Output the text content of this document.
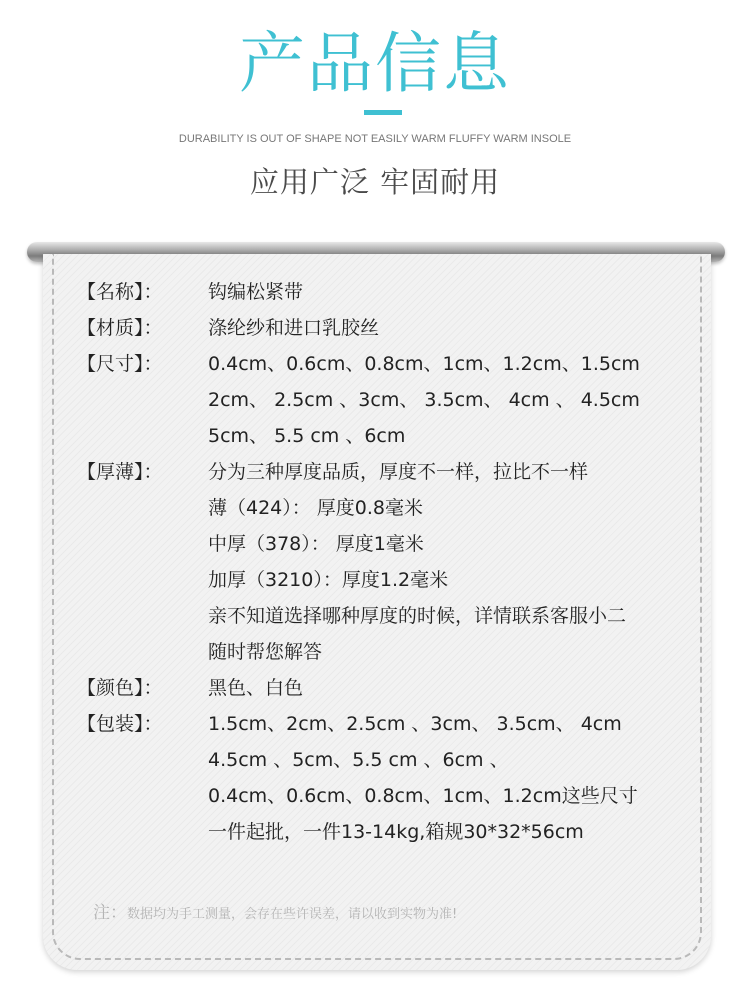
产品信息
DURABILITY IS OUT OF SHAPE NOT EASILY WARM FLUFFY WARM INSOLE
应用广泛 牢固耐用
【名称】： 钩编松紧带
【材质】： 涤纶纱和进口乳胶丝
【尺寸】： 0.4cm、0.6cm、0.8cm、1cm、1.2cm、1.5cm
2cm、 2.5cm 、3cm、 3.5cm、 4cm 、 4.5cm
5cm、 5.5 cm 、6cm
【厚薄】： 分为三种厚度品质，厚度不一样，拉比不一样
薄（424）： 厚度0.8毫米
中厚（378）： 厚度1毫米
加厚（3210）：厚度1.2毫米
亲不知道选择哪种厚度的时候，详情联系客服小二
随时帮您解答
【颜色】： 黑色、白色
【包装】： 1.5cm、2cm、2.5cm 、3cm、 3.5cm、 4cm
4.5cm 、5cm、5.5 cm 、6cm 、
0.4cm、0.6cm、0.8cm、1cm、1.2cm这些尺寸
一件起批，一件13-14kg,箱规30*32*56cm
注：数据均为手工测量，会存在些许误差，请以收到实物为准!
